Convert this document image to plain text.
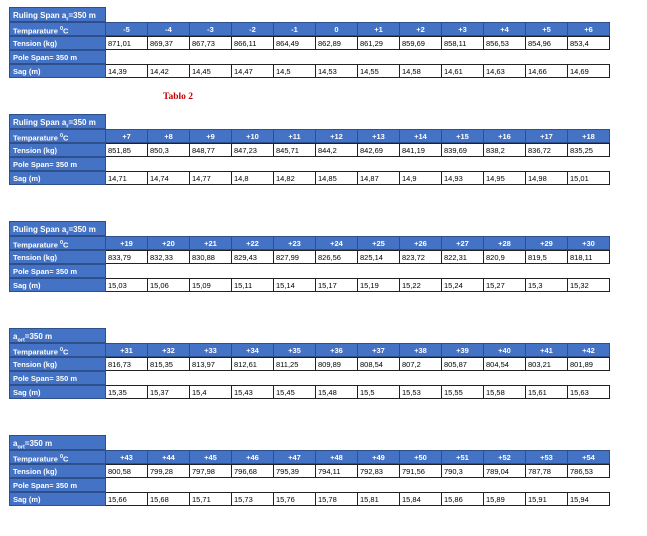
Tablo 2
Ruling Span $a_r=350$ m
Temparature $^0$C	-5	-4	-3	-2	-1	0	+1	+2	+3	+4	+5	+6
Tension (kg)	871,01	869,37	867,73	866,11	864,49	862,89	861,29	859,69	858,11	856,53	854,96	853,4
Pole Span= 350 m
Sag (m)	14,39	14,42	14,45	14,47	14,5	14,53	14,55	14,58	14,61	14,63	14,66	14,69
Ruling Span $a_r=350$ m
Temparature $^0$C	+7	+8	+9	+10	+11	+12	+13	+14	+15	+16	+17	+18
Tension (kg)	851,85	850,3	848,77	847,23	845,71	844,2	842,69	841,19	839,69	838,2	836,72	835,25
Pole Span= 350 m
Sag (m)	14,71	14,74	14,77	14,8	14,82	14,85	14,87	14,9	14,93	14,95	14,98	15,01
Ruling Span $a_r=350$ m
Temparature $^0$C	+19	+20	+21	+22	+23	+24	+25	+26	+27	+28	+29	+30
Tension (kg)	833,79	832,33	830,88	829,43	827,99	826,56	825,14	823,72	822,31	820,9	819,5	818,11
Pole Span= 350 m
Sag (m)	15,03	15,06	15,09	15,11	15,14	15,17	15,19	15,22	15,24	15,27	15,3	15,32
$a_{ort}=350$ m
Temparature $^0$C	+31	+32	+33	+34	+35	+36	+37	+38	+39	+40	+41	+42
Tension (kg)	816,73	815,35	813,97	812,61	811,25	809,89	808,54	807,2	805,87	804,54	803,21	801,89
Pole Span= 350 m
Sag (m)	15,35	15,37	15,4	15,43	15,45	15,48	15,5	15,53	15,55	15,58	15,61	15,63
$a_{ort}=350$ m
Temparature $^0$C	+43	+44	+45	+46	+47	+48	+49	+50	+51	+52	+53	+54
Tension (kg)	800,58	799,28	797,98	796,68	795,39	794,11	792,83	791,56	790,3	789,04	787,78	786,53
Pole Span= 350 m
Sag (m)	15,66	15,68	15,71	15,73	15,76	15,78	15,81	15,84	15,86	15,89	15,91	15,94
